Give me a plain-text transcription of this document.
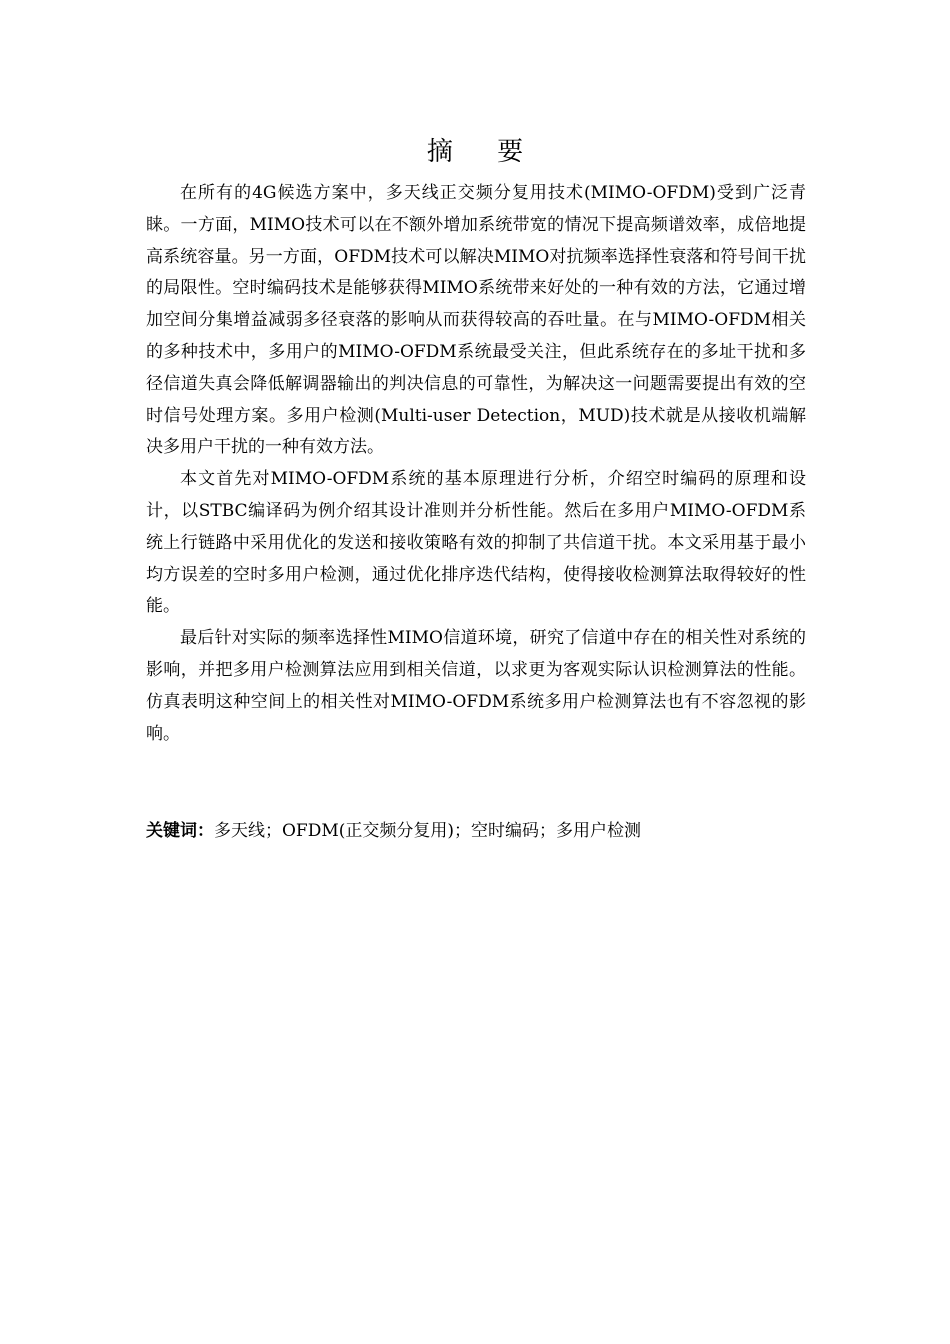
摘 要

在所有的4G候选方案中，多天线正交频分复用技术(MIMO-OFDM)受到广泛青睐。一方面，MIMO技术可以在不额外增加系统带宽的情况下提高频谱效率，成倍地提高系统容量。另一方面，OFDM技术可以解决MIMO对抗频率选择性衰落和符号间干扰的局限性。空时编码技术是能够获得MIMO系统带来好处的一种有效的方法，它通过增加空间分集增益减弱多径衰落的影响从而获得较高的吞吐量。在与MIMO-OFDM相关的多种技术中，多用户的MIMO-OFDM系统最受关注，但此系统存在的多址干扰和多径信道失真会降低解调器输出的判决信息的可靠性，为解决这一问题需要提出有效的空时信号处理方案。多用户检测(Multi-user Detection，MUD)技术就是从接收机端解决多用户干扰的一种有效方法。

本文首先对MIMO-OFDM系统的基本原理进行分析，介绍空时编码的原理和设计，以STBC编译码为例介绍其设计准则并分析性能。然后在多用户MIMO-OFDM系统上行链路中采用优化的发送和接收策略有效的抑制了共信道干扰。本文采用基于最小均方误差的空时多用户检测，通过优化排序迭代结构，使得接收检测算法取得较好的性能。

最后针对实际的频率选择性MIMO信道环境，研究了信道中存在的相关性对系统的影响，并把多用户检测算法应用到相关信道，以求更为客观实际认识检测算法的性能。仿真表明这种空间上的相关性对MIMO-OFDM系统多用户检测算法也有不容忽视的影响。

关键词：多天线；OFDM(正交频分复用)；空时编码；多用户检测
